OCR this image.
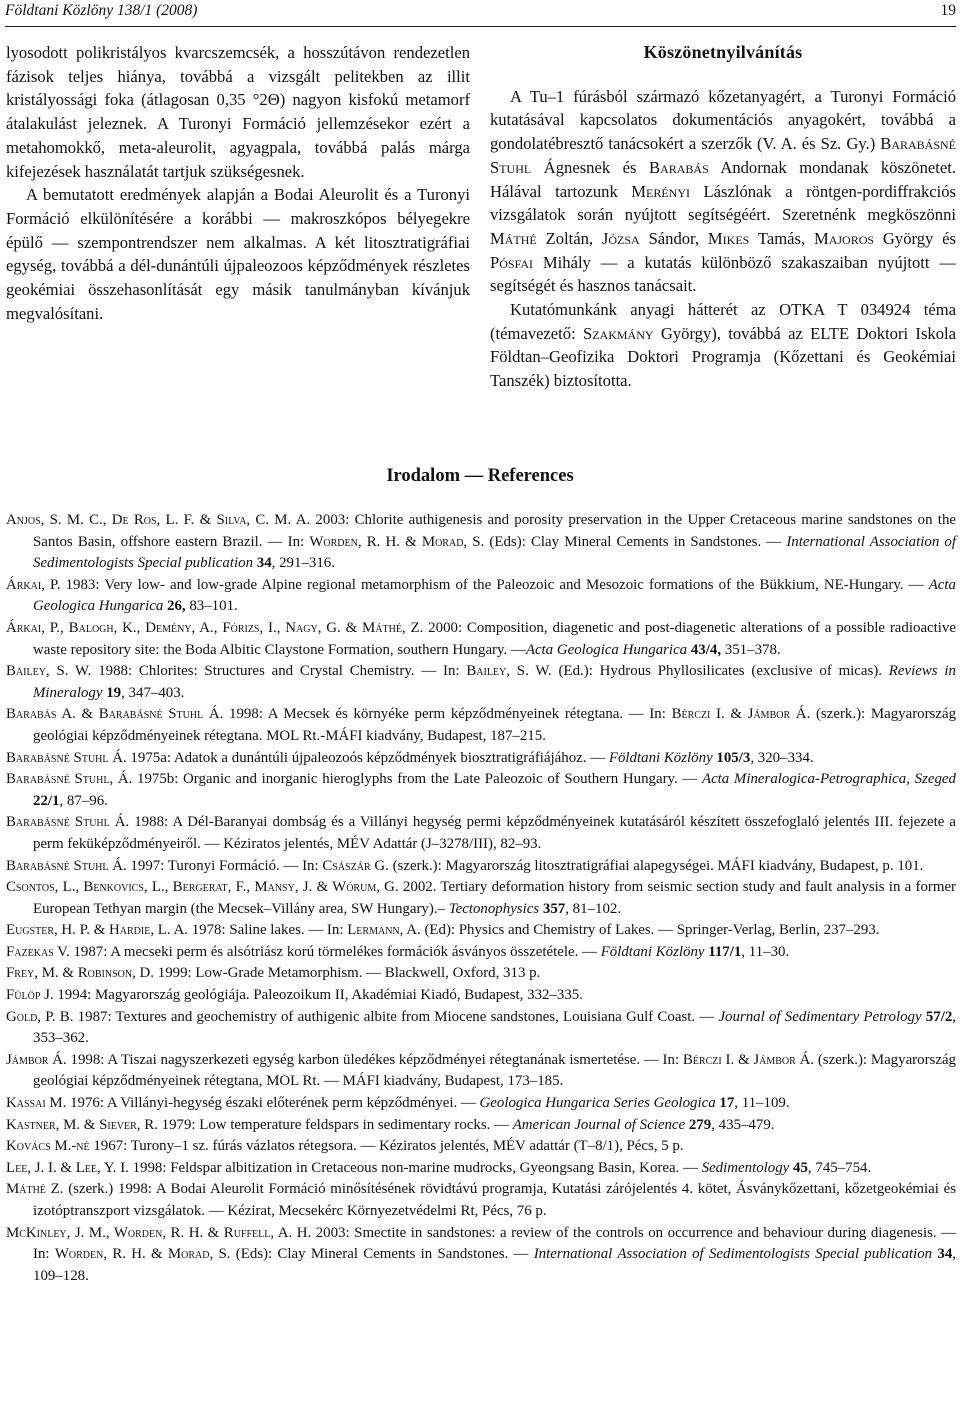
Földtani Közlöny 138/1 (2008)	19

lyosodott polikristályos kvarcszemcsék, a hosszútávon rendezetlen fázisok teljes hiánya, továbbá a vizsgált pelitekben az illit kristályossági foka (átlagosan 0,35 °2Θ) nagyon kisfokú metamorf átalakulást jeleznek. A Turonyi Formáció jellemzésekor ezért a metahomokkő, meta-aleurolit, agyagpala, továbbá palás márga kifejezések használatát tartjuk szükségesnek.

A bemutatott eredmények alapján a Bodai Aleurolit és a Turonyi Formáció elkülönítésére a korábbi — makroszkópos bélyegekre épülő — szempontrendszer nem alkalmas. A két litosztratigráfiai egység, továbbá a dél-dunántúli újpaleozoos képződmények részletes geokémiai összehasonlítását egy másik tanulmányban kívánjuk megvalósítani.

Köszönetnyilvánítás

A Tu–1 fúrásból származó kőzetanyagért, a Turonyi Formáció kutatásával kapcsolatos dokumentációs anyagokért, továbbá a gondolatébresztő tanácsokért a szerzők (V. A. és Sz. Gy.) Barabásné Stuhl Ágnesnek és Barabás Andornak mondanak köszönetet. Hálával tartozunk Merényi Lászlónak a röntgen-pordiffrakciós vizsgálatok során nyújtott segítségéért. Szeretnénk megköszönni Máthé Zoltán, Józsa Sándor, Mikes Tamás, Majoros György és Pósfai Mihály — a kutatás különböző szakaszaiban nyújtott — segítségét és hasznos tanácsait.

Kutatómunkánk anyagi hátterét az OTKA T 034924 téma (témavezető: Szakmány György), továbbá az ELTE Doktori Iskola Földtan–Geofizika Doktori Programja (Kőzettani és Geokémiai Tanszék) biztosította.

Irodalom — References

Anjos, S. M. C., De Ros, L. F. & Silva, C. M. A. 2003: Chlorite authigenesis and porosity preservation in the Upper Cretaceous marine sandstones on the Santos Basin, offshore eastern Brazil. — In: Worden, R. H. & Morad, S. (Eds): Clay Mineral Cements in Sandstones. — International Association of Sedimentologists Special publication 34, 291–316.

Árkai, P. 1983: Very low- and low-grade Alpine regional metamorphism of the Paleozoic and Mesozoic formations of the Bükkium, NE-Hungary. — Acta Geologica Hungarica 26, 83–101.

Árkai, P., Balogh, K., Demény, A., Fórizs, I., Nagy, G. & Máthé, Z. 2000: Composition, diagenetic and post-diagenetic alterations of a possible radioactive waste repository site: the Boda Albitic Claystone Formation, southern Hungary. —Acta Geologica Hungarica 43/4, 351–378.

Bailey, S. W. 1988: Chlorites: Structures and Crystal Chemistry. — In: Bailey, S. W. (Ed.): Hydrous Phyllosilicates (exclusive of micas). Reviews in Mineralogy 19, 347–403.

Barabás A. & Barabásné Stuhl Á. 1998: A Mecsek és környéke perm képződményeinek rétegtana. — In: Bérczi I. & Jámbor Á. (szerk.): Magyarország geológiai képződményeinek rétegtana. MOL Rt.-MÁFI kiadvány, Budapest, 187–215.

Barabásné Stuhl Á. 1975a: Adatok a dunántúli újpaleozoós képződmények biosztratigráfiájához. — Földtani Közlöny 105/3, 320–334.

Barabásné Stuhl, Á. 1975b: Organic and inorganic hieroglyphs from the Late Paleozoic of Southern Hungary. — Acta Mineralogica-Petrographica, Szeged 22/1, 87–96.

Barabásné Stuhl Á. 1988: A Dél-Baranyai dombság és a Villányi hegység permi képződményeinek kutatásáról készített összefoglaló jelentés III. fejezete a perm feküképződményeiről. — Kéziratos jelentés, MÉV Adattár (J–3278/III), 82–93.

Barabásné Stuhl Á. 1997: Turonyi Formáció. — In: Császár G. (szerk.): Magyarország litosztratigráfiai alapegységei. MÁFI kiadvány, Budapest, p. 101.

Csontos, L., Benkovics, L., Bergerat, F., Mansy, J. & Wórum, G. 2002. Tertiary deformation history from seismic section study and fault analysis in a former European Tethyan margin (the Mecsek–Villány area, SW Hungary).– Tectonophysics 357, 81–102.

Eugster, H. P. & Hardie, L. A. 1978: Saline lakes. — In: Lermann, A. (Ed): Physics and Chemistry of Lakes. — Springer-Verlag, Berlin, 237–293.

Fazekas V. 1987: A mecseki perm és alsótriász korú törmelékes formációk ásványos összetétele. — Földtani Közlöny 117/1, 11–30.

Frey, M. & Robinson, D. 1999: Low-Grade Metamorphism. — Blackwell, Oxford, 313 p.

Fülöp J. 1994: Magyarország geológiája. Paleozoikum II, Akadémiai Kiadó, Budapest, 332–335.

Gold, P. B. 1987: Textures and geochemistry of authigenic albite from Miocene sandstones, Louisiana Gulf Coast. — Journal of Sedimentary Petrology 57/2, 353–362.

Jámbor Á. 1998: A Tiszai nagyszerkezeti egység karbon üledékes képződményei rétegtanának ismertetése. — In: Bérczi I. & Jámbor Á. (szerk.): Magyarország geológiai képződményeinek rétegtana, MOL Rt. — MÁFI kiadvány, Budapest, 173–185.

Kassai M. 1976: A Villányi-hegység északi előterének perm képződményei. — Geologica Hungarica Series Geologica 17, 11–109.

Kastner, M. & Siever, R. 1979: Low temperature feldspars in sedimentary rocks. — American Journal of Science 279, 435–479.

Kovács M.-né 1967: Turony–1 sz. fúrás vázlatos rétegsora. — Kéziratos jelentés, MÉV adattár (T–8/1), Pécs, 5 p.

Lee, J. I. & Lee, Y. I. 1998: Feldspar albitization in Cretaceous non-marine mudrocks, Gyeongsang Basin, Korea. — Sedimentology 45, 745–754.

Máthé Z. (szerk.) 1998: A Bodai Aleurolit Formáció minősítésének rövidtávú programja, Kutatási zárójelentés 4. kötet, Ásványkőzettani, kőzetgeokémiai és izotóptranszport vizsgálatok. — Kézirat, Mecsekérc Környezetvédelmi Rt, Pécs, 76 p.

McKinley, J. M., Worden, R. H. & Ruffell, A. H. 2003: Smectite in sandstones: a review of the controls on occurrence and behaviour during diagenesis. — In: Worden, R. H. & Morad, S. (Eds): Clay Mineral Cements in Sandstones. — International Association of Sedimentologists Special publication 34, 109–128.
